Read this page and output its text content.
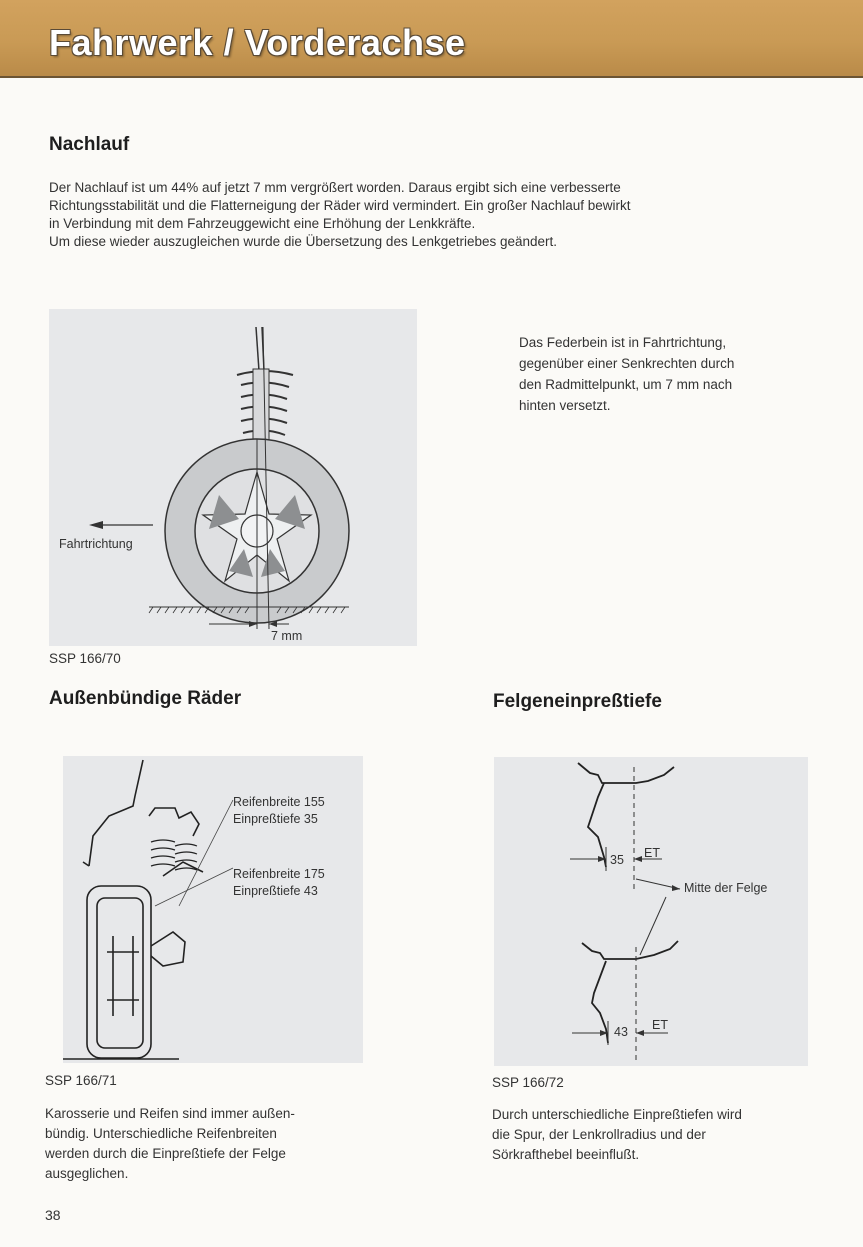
Fahrwerk / Vorderachse
Nachlauf
Der Nachlauf ist um 44% auf jetzt 7 mm vergrößert worden. Daraus ergibt sich eine verbesserte
Richtungsstabilität und die Flatterneigung der Räder wird vermindert. Ein großer Nachlauf bewirkt
in Verbindung mit dem Fahrzeuggewicht eine Erhöhung der Lenkkräfte.
Um diese wieder auszugleichen wurde die Übersetzung des Lenkgetriebes geändert.
Fahrtrichtung
7 mm
Das Federbein ist in Fahrtrichtung,
gegenüber einer Senkrechten durch
den Radmittelpunkt, um 7 mm nach
hinten versetzt.
SSP 166/70
Außenbündige Räder
Reifenbreite 155
Einpreßtiefe 35
Reifenbreite 175
Einpreßtiefe 43
SSP 166/71
Karosserie und Reifen sind immer außen-
bündig. Unterschiedliche Reifenbreiten
werden durch die Einpreßtiefe der Felge
ausgeglichen.
Felgeneinpreßtiefe
35 ET
Mitte der Felge
43 ET
SSP 166/72
Durch unterschiedliche Einpreßtiefen wird
die Spur, der Lenkrollradius und der
Sörkrafthebel beeinflußt.
38
